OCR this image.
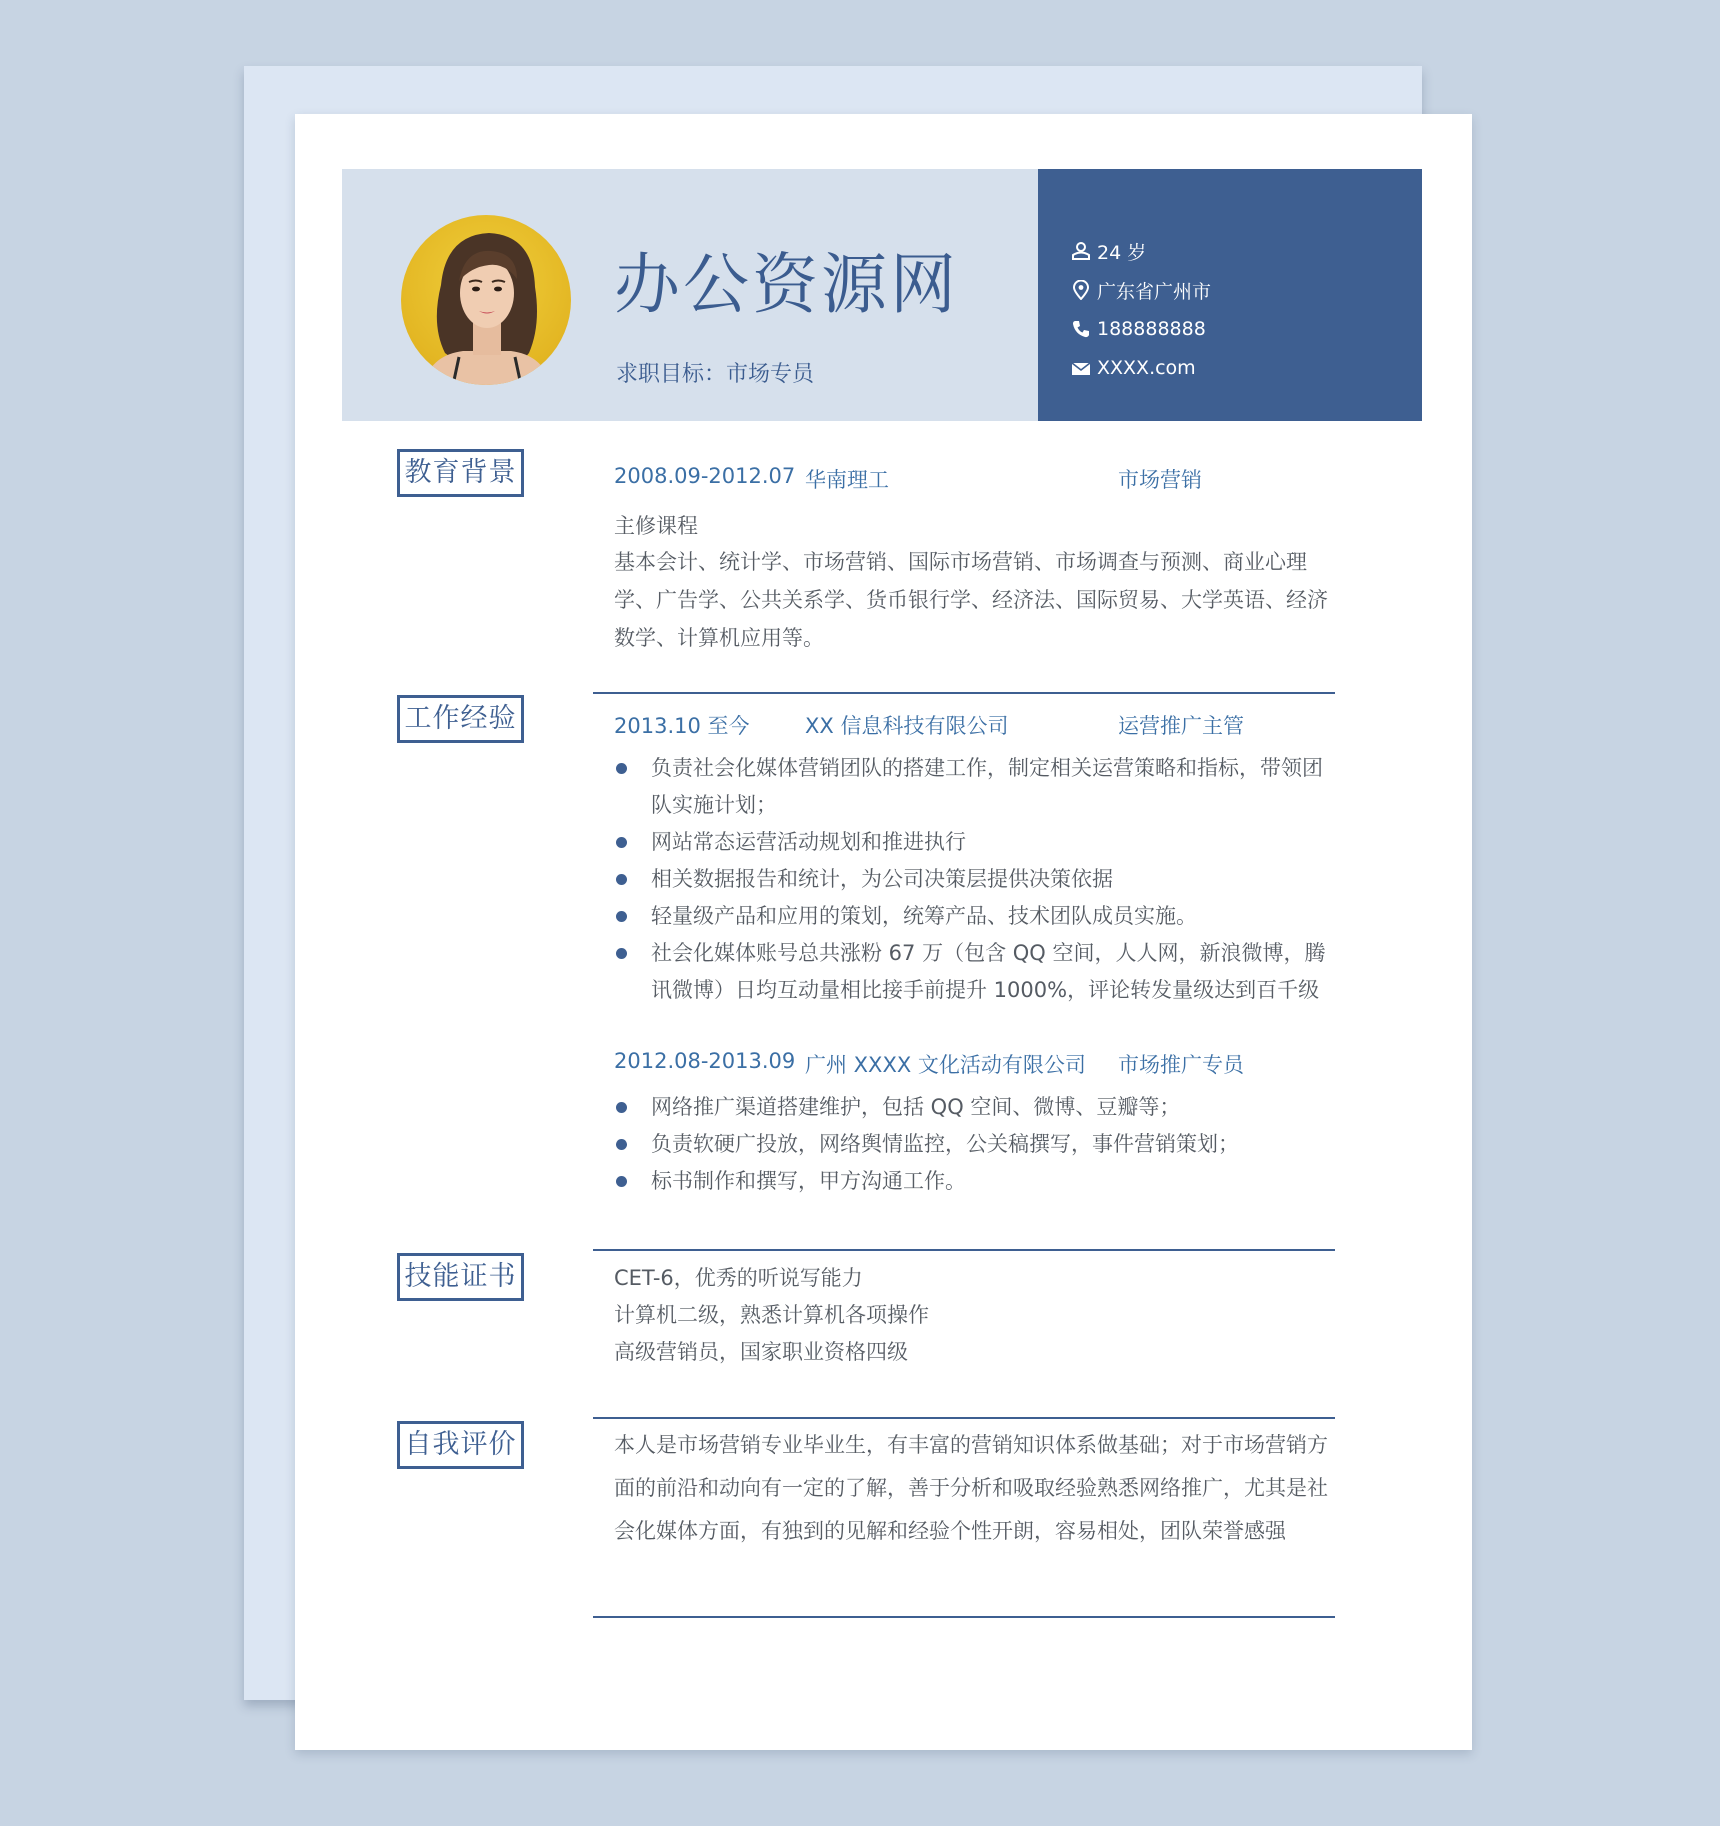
办公资源网
求职目标：市场专员
24 岁
广东省广州市
188888888
XXXX.com
教育背景	2008.09-2012.07 华南理工	市场营销
主修课程
基本会计、统计学、市场营销、国际市场营销、市场调查与预测、商业心理学、广告学、公共关系学、货币银行学、经济法、国际贸易、大学英语、经济数学、计算机应用等。
工作经验	2013.10 至今	XX 信息科技有限公司	运营推广主管
负责社会化媒体营销团队的搭建工作，制定相关运营策略和指标，带领团队实施计划；
网站常态运营活动规划和推进执行
相关数据报告和统计，为公司决策层提供决策依据
轻量级产品和应用的策划，统筹产品、技术团队成员实施。
社会化媒体账号总共涨粉 67 万（包含 QQ 空间，人人网，新浪微博，腾讯微博）日均互动量相比接手前提升 1000%，评论转发量级达到百千级
2012.08-2013.09 广州 XXXX 文化活动有限公司 市场推广专员
网络推广渠道搭建维护，包括 QQ 空间、微博、豆瓣等；
负责软硬广投放，网络舆情监控，公关稿撰写，事件营销策划；
标书制作和撰写，甲方沟通工作。
技能证书	CET-6，优秀的听说写能力
计算机二级，熟悉计算机各项操作
高级营销员，国家职业资格四级
自我评价	本人是市场营销专业毕业生，有丰富的营销知识体系做基础；对于市场营销方面的前沿和动向有一定的了解，善于分析和吸取经验熟悉网络推广，尤其是社会化媒体方面，有独到的见解和经验个性开朗，容易相处，团队荣誉感强
